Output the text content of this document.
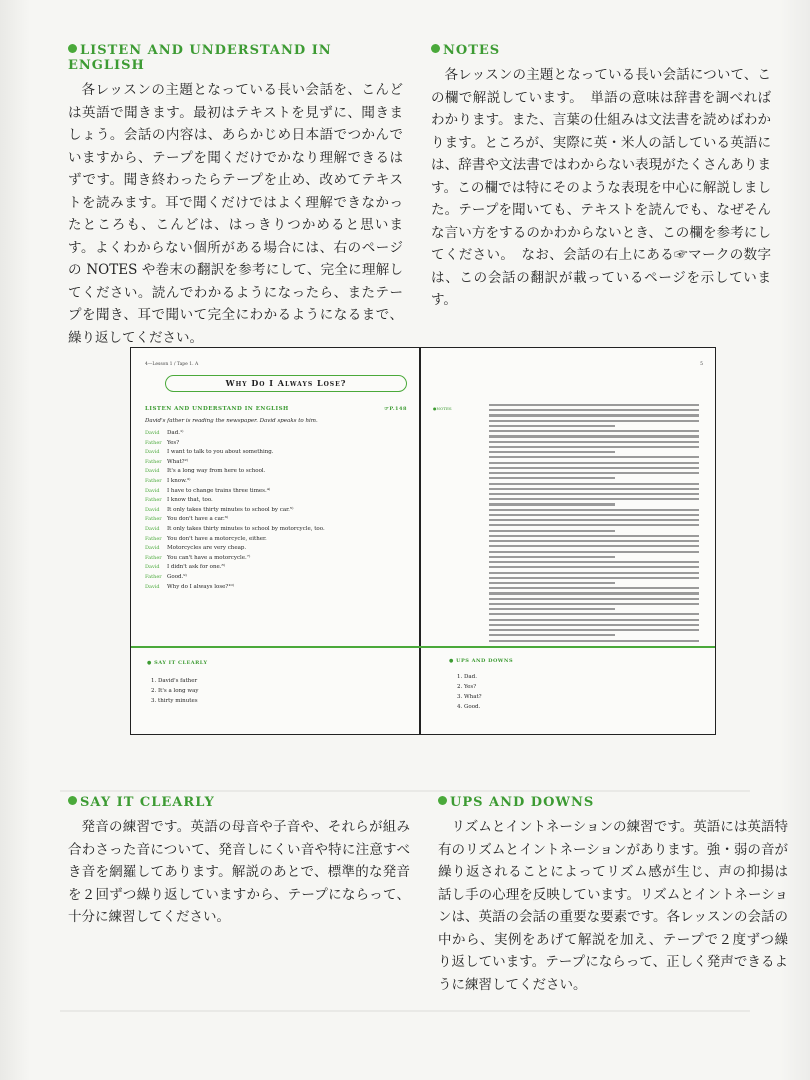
LISTEN AND UNDERSTAND IN ENGLISH

各レッスンの主題となっている長い会話を、こんどは英語で聞きます。最初はテキストを見ずに、聞きましょう。会話の内容は、あらかじめ日本語でつかんでいますから、テープを聞くだけでかなり理解できるはずです。聞き終わったらテープを止め、改めてテキストを読みます。耳で聞くだけではよく理解できなかったところも、こんどは、はっきりつかめると思います。よくわからない個所がある場合には、右のページの NOTES や巻末の翻訳を参考にして、完全に理解してください。読んでわかるようになったら、またテープを聞き、耳で聞いて完全にわかるようになるまで、繰り返してください。

NOTES

各レッスンの主題となっている長い会話について、この欄で解説しています。　単語の意味は辞書を調べればわかります。また、言葉の仕組みは文法書を読めばわかります。ところが、実際に英・米人の話している英語には、辞書や文法書ではわからない表現がたくさんあります。この欄では特にそのような表現を中心に解説しました。テープを聞いても、テキストを読んでも、なぜそんな言い方をするのかわからないとき、この欄を参考にしてください。　なお、会話の右上にある☞マークの数字は、この会話の翻訳が載っているページを示しています。

4—Lesson 1 / Tape 1. A
Why Do I Always Lose?
☞P.148
LISTEN AND UNDERSTAND IN ENGLISH
David's father is reading the newspaper. David speaks to him.
David	Dad.¹⁾
Father Yes?
David	I want to talk to you about something.
Father What?²⁾
David	It's a long way from here to school.
Father I know.³⁾
David	I have to change trains three times.⁴⁾
Father I know that, too.
David	It only takes thirty minutes to school by car.⁵⁾
Father You don't have a car.⁶⁾
David	It only takes thirty minutes to school by motorcycle, too.
Father You don't have a motorcycle, either.
David	Motorcycles are very cheap.
Father You can't have a motorcycle.⁷⁾
David	I didn't ask for one.⁸⁾
Father Good.⁹⁾
David	Why do I always lose?¹⁰⁾
5
●NOTES
● SAY IT CLEARLY
1. David's father
2. It's a long way
3. thirty minutes
● UPS AND DOWNS
1. Dad.
2. Yes?
3. What?
4. Good.
SAY IT CLEARLY

発音の練習です。英語の母音や子音や、それらが組み合わさった音について、発音しにくい音や特に注意すべき音を網羅してあります。解説のあとで、標準的な発音を２回ずつ繰り返していますから、テープにならって、十分に練習してください。

UPS AND DOWNS

リズムとイントネーションの練習です。英語には英語特有のリズムとイントネーションがあります。強・弱の音が繰り返されることによってリズム感が生じ、声の抑揚は話し手の心理を反映しています。リズムとイントネーションは、英語の会話の重要な要素です。各レッスンの会話の中から、実例をあげて解説を加え、テープで２度ずつ繰り返しています。テープにならって、正しく発声できるように練習してください。
